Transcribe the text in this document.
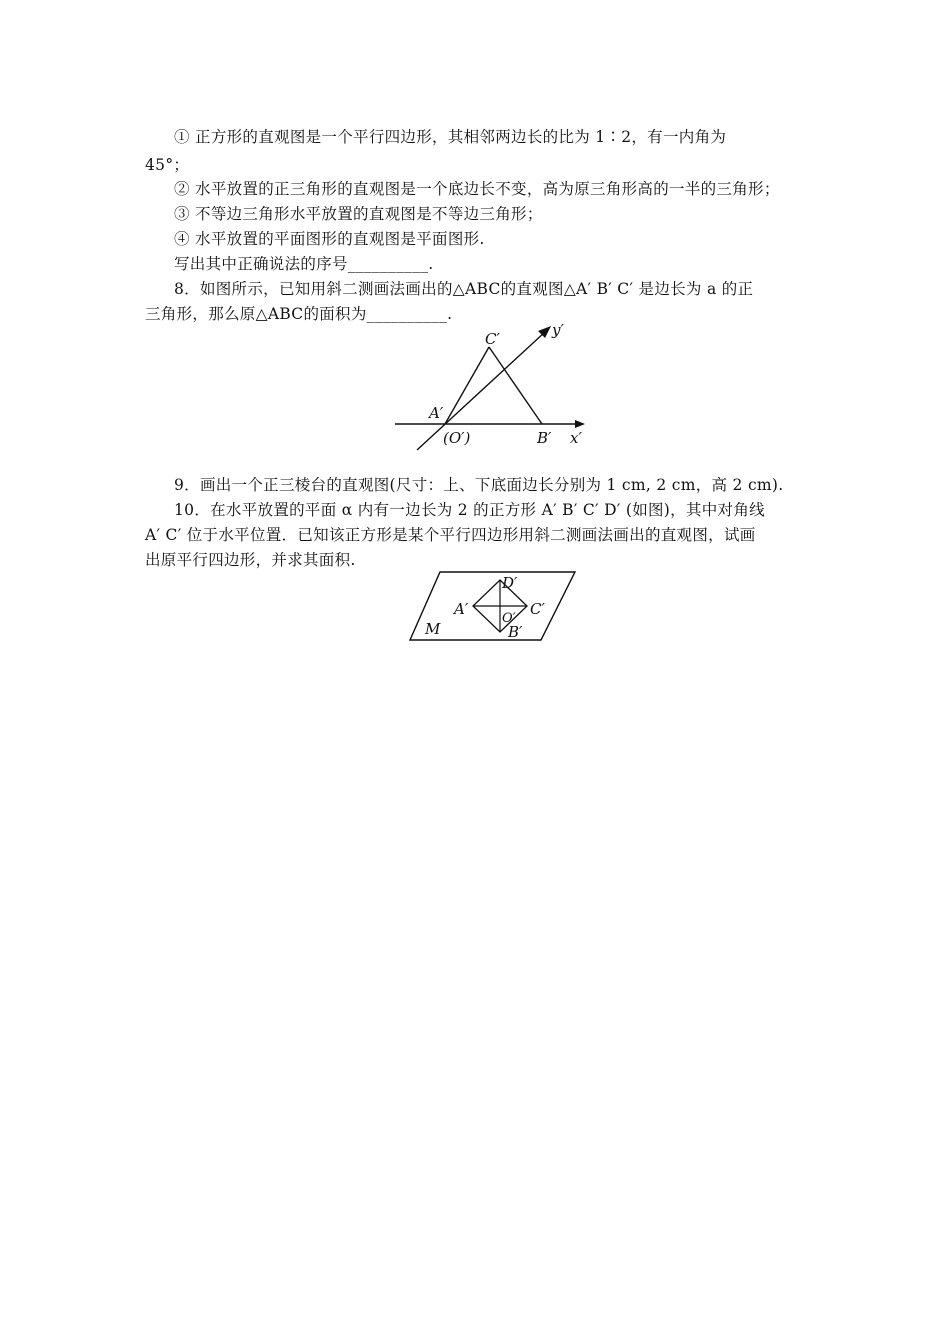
① 正方形的直观图是一个平行四边形，其相邻两边长的比为 1∶2，有一内角为
45°；
② 水平放置的正三角形的直观图是一个底边长不变，高为原三角形高的一半的三角形；
③ 不等边三角形水平放置的直观图是不等边三角形；
④ 水平放置的平面图形的直观图是平面图形.
写出其中正确说法的序号__________.
8．如图所示，已知用斜二测画法画出的△ABC的直观图△A′ B′ C′ 是边长为 a 的正
三角形，那么原△ABC的面积为__________.
C′	y′
A′
(O′)	B′ x′
9．画出一个正三棱台的直观图(尺寸：上、下底面边长分别为 1 cm, 2 cm，高 2 cm).
10．在水平放置的平面 α 内有一边长为 2 的正方形 A′ B′ C′ D′ (如图)，其中对角线
A′ C′ 位于水平位置．已知该正方形是某个平行四边形用斜二测画法画出的直观图，试画
出原平行四边形，并求其面积.
D′
A′
O′
C′
B′
M
